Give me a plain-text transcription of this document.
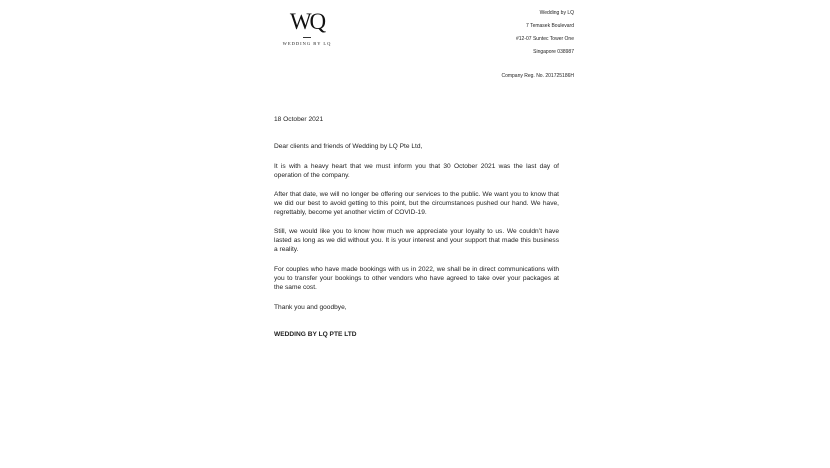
WQ
WEDDING BY LQ
Wedding by LQ
7 Temasek Boulevard
#12-07 Suntec Tower One
Singapore 038987
Company Reg. No. 201725186H

18 October 2021

Dear clients and friends of Wedding by LQ Pte Ltd,

It is with a heavy heart that we must inform you that 30 October 2021 was the last day of operation of the company.

After that date, we will no longer be offering our services to the public. We want you to know that we did our best to avoid getting to this point, but the circumstances pushed our hand. We have, regrettably, become yet another victim of COVID-19.

Still, we would like you to know how much we appreciate your loyalty to us. We couldn’t have lasted as long as we did without you. It is your interest and your support that made this business a reality.

For couples who have made bookings with us in 2022, we shall be in direct communications with you to transfer your bookings to other vendors who have agreed to take over your packages at the same cost.

Thank you and goodbye,

WEDDING BY LQ PTE LTD
